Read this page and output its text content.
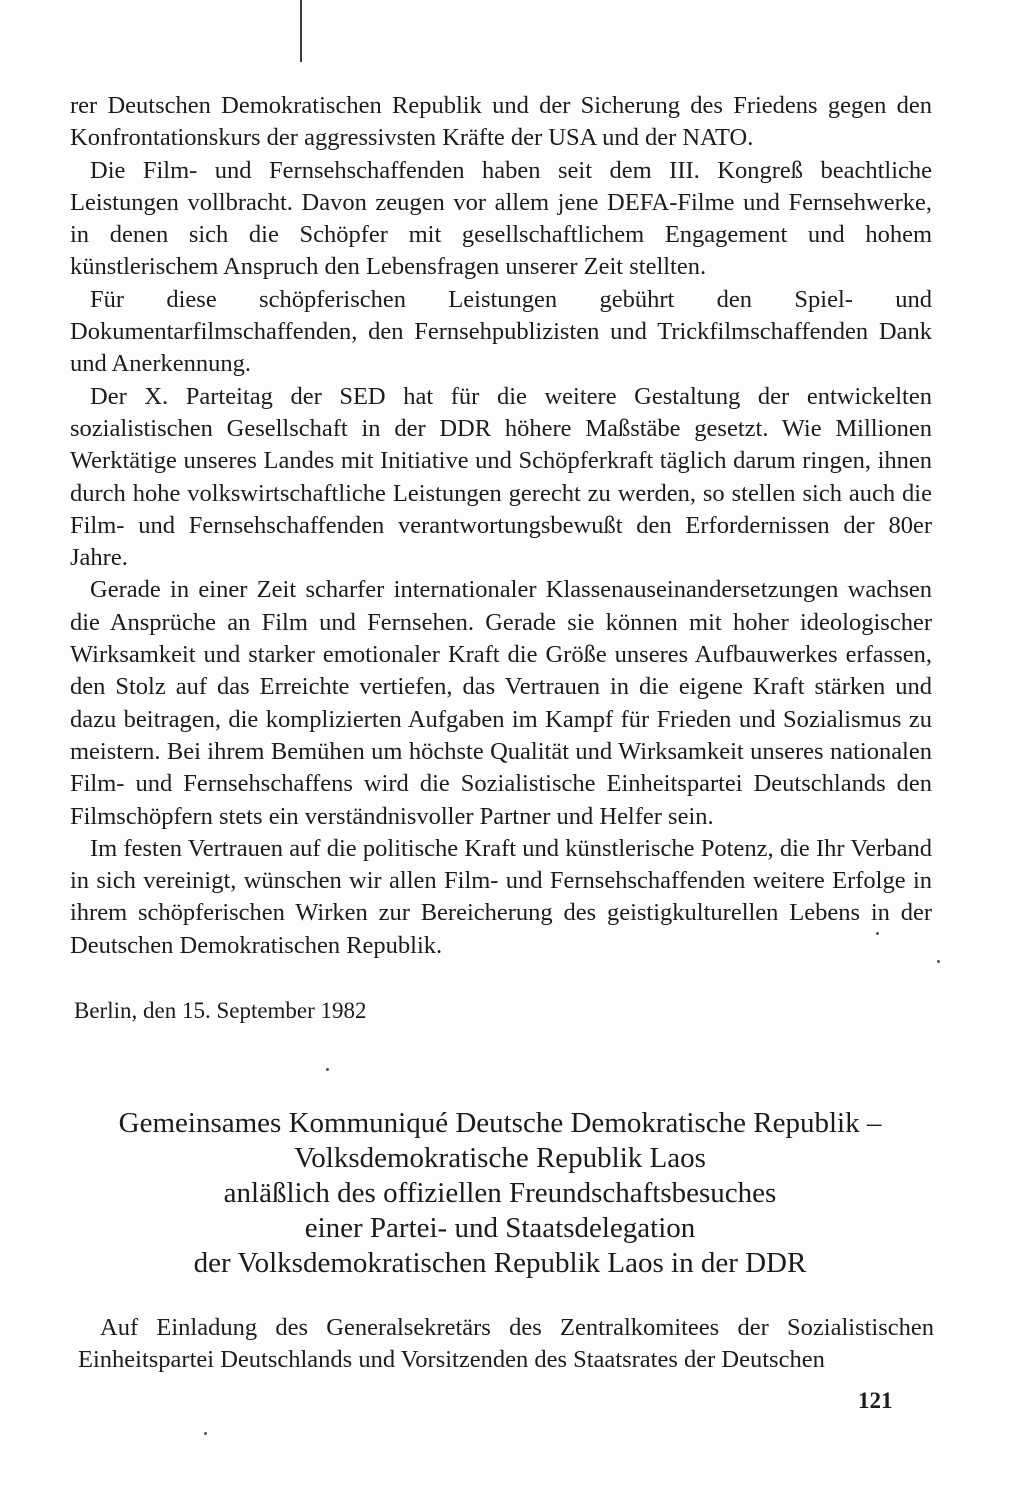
rer Deutschen Demokratischen Republik und der Sicherung des Friedens gegen den Konfrontationskurs der aggressivsten Kräfte der USA und der NATO.

Die Film- und Fernsehschaffenden haben seit dem III. Kongreß beachtliche Leistungen vollbracht. Davon zeugen vor allem jene DEFA-Filme und Fernsehwerke, in denen sich die Schöpfer mit gesellschaftlichem Engagement und hohem künstlerischem Anspruch den Lebensfragen unserer Zeit stellten.

Für diese schöpferischen Leistungen gebührt den Spiel- und Dokumentarfilmschaffenden, den Fernsehpublizisten und Trickfilmschaffenden Dank und Anerkennung.

Der X. Parteitag der SED hat für die weitere Gestaltung der entwickelten sozialistischen Gesellschaft in der DDR höhere Maßstäbe gesetzt. Wie Millionen Werktätige unseres Landes mit Initiative und Schöpferkraft täglich darum ringen, ihnen durch hohe volkswirtschaftliche Leistungen gerecht zu werden, so stellen sich auch die Film- und Fernsehschaffenden verantwortungsbewußt den Erfordernissen der 80er Jahre.

Gerade in einer Zeit scharfer internationaler Klassenauseinandersetzungen wachsen die Ansprüche an Film und Fernsehen. Gerade sie können mit hoher ideologischer Wirksamkeit und starker emotionaler Kraft die Größe unseres Aufbauwerkes erfassen, den Stolz auf das Erreichte vertiefen, das Vertrauen in die eigene Kraft stärken und dazu beitragen, die komplizierten Aufgaben im Kampf für Frieden und Sozialismus zu meistern. Bei ihrem Bemühen um höchste Qualität und Wirksamkeit unseres nationalen Film- und Fernsehschaffens wird die Sozialistische Einheitspartei Deutschlands den Filmschöpfern stets ein verständnisvoller Partner und Helfer sein.

Im festen Vertrauen auf die politische Kraft und künstlerische Potenz, die Ihr Verband in sich vereinigt, wünschen wir allen Film- und Fernsehschaffenden weitere Erfolge in ihrem schöpferischen Wirken zur Bereicherung des geistigkulturellen Lebens in der Deutschen Demokratischen Republik.

Berlin, den 15. September 1982
Gemeinsames Kommuniqué Deutsche Demokratische Republik –
Volksdemokratische Republik Laos
anläßlich des offiziellen Freundschaftsbesuches
einer Partei- und Staatsdelegation
der Volksdemokratischen Republik Laos in der DDR

Auf Einladung des Generalsekretärs des Zentralkomitees der Sozialistischen Einheitspartei Deutschlands und Vorsitzenden des Staatsrates der Deutschen

121
